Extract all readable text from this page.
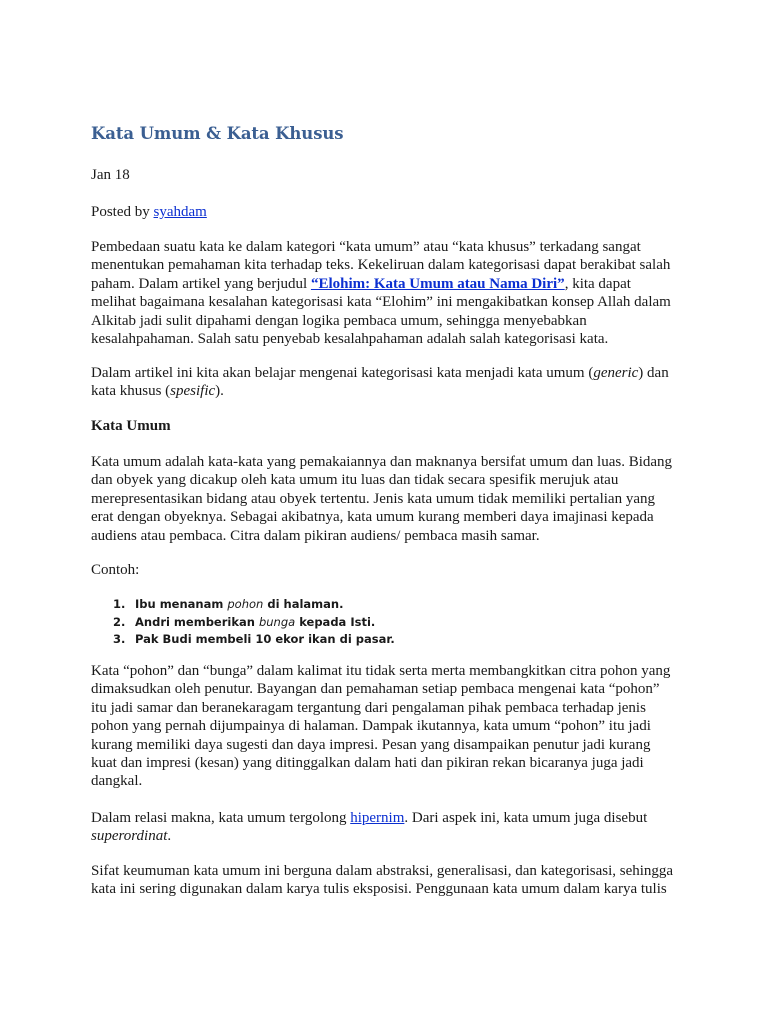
Kata Umum & Kata Khusus

Jan 18

Posted by syahdam

Pembedaan suatu kata ke dalam kategori “kata umum” atau “kata khusus” terkadang sangat
menentukan pemahaman kita terhadap teks. Kekeliruan dalam kategorisasi dapat berakibat salah
paham. Dalam artikel yang berjudul “Elohim: Kata Umum atau Nama Diri”, kita dapat
melihat bagaimana kesalahan kategorisasi kata “Elohim” ini mengakibatkan konsep Allah dalam
Alkitab jadi sulit dipahami dengan logika pembaca umum, sehingga menyebabkan
kesalahpahaman. Salah satu penyebab kesalahpahaman adalah salah kategorisasi kata.
Dalam artikel ini kita akan belajar mengenai kategorisasi kata menjadi kata umum (generic) dan
kata khusus (spesific).
Kata Umum
Kata umum adalah kata-kata yang pemakaiannya dan maknanya bersifat umum dan luas. Bidang
dan obyek yang dicakup oleh kata umum itu luas dan tidak secara spesifik merujuk atau
merepresentasikan bidang atau obyek tertentu. Jenis kata umum tidak memiliki pertalian yang
erat dengan obyeknya. Sebagai akibatnya, kata umum kurang memberi daya imajinasi kepada
audiens atau pembaca. Citra dalam pikiran audiens/ pembaca masih samar.

Contoh:

1. Ibu menanam pohon di halaman.
2. Andri memberikan bunga kepada Isti.
3. Pak Budi membeli 10 ekor ikan di pasar.
Kata “pohon” dan “bunga” dalam kalimat itu tidak serta merta membangkitkan citra pohon yang
dimaksudkan oleh penutur. Bayangan dan pemahaman setiap pembaca mengenai kata “pohon”
itu jadi samar dan beranekaragam tergantung dari pengalaman pihak pembaca terhadap jenis
pohon yang pernah dijumpainya di halaman. Dampak ikutannya, kata umum “pohon” itu jadi
kurang memiliki daya sugesti dan daya impresi. Pesan yang disampaikan penutur jadi kurang
kuat dan impresi (kesan) yang ditinggalkan dalam hati dan pikiran rekan bicaranya juga jadi
dangkal.
Dalam relasi makna, kata umum tergolong hipernim. Dari aspek ini, kata umum juga disebut
superordinat.
Sifat keumuman kata umum ini berguna dalam abstraksi, generalisasi, dan kategorisasi, sehingga
kata ini sering digunakan dalam karya tulis eksposisi. Penggunaan kata umum dalam karya tulis
